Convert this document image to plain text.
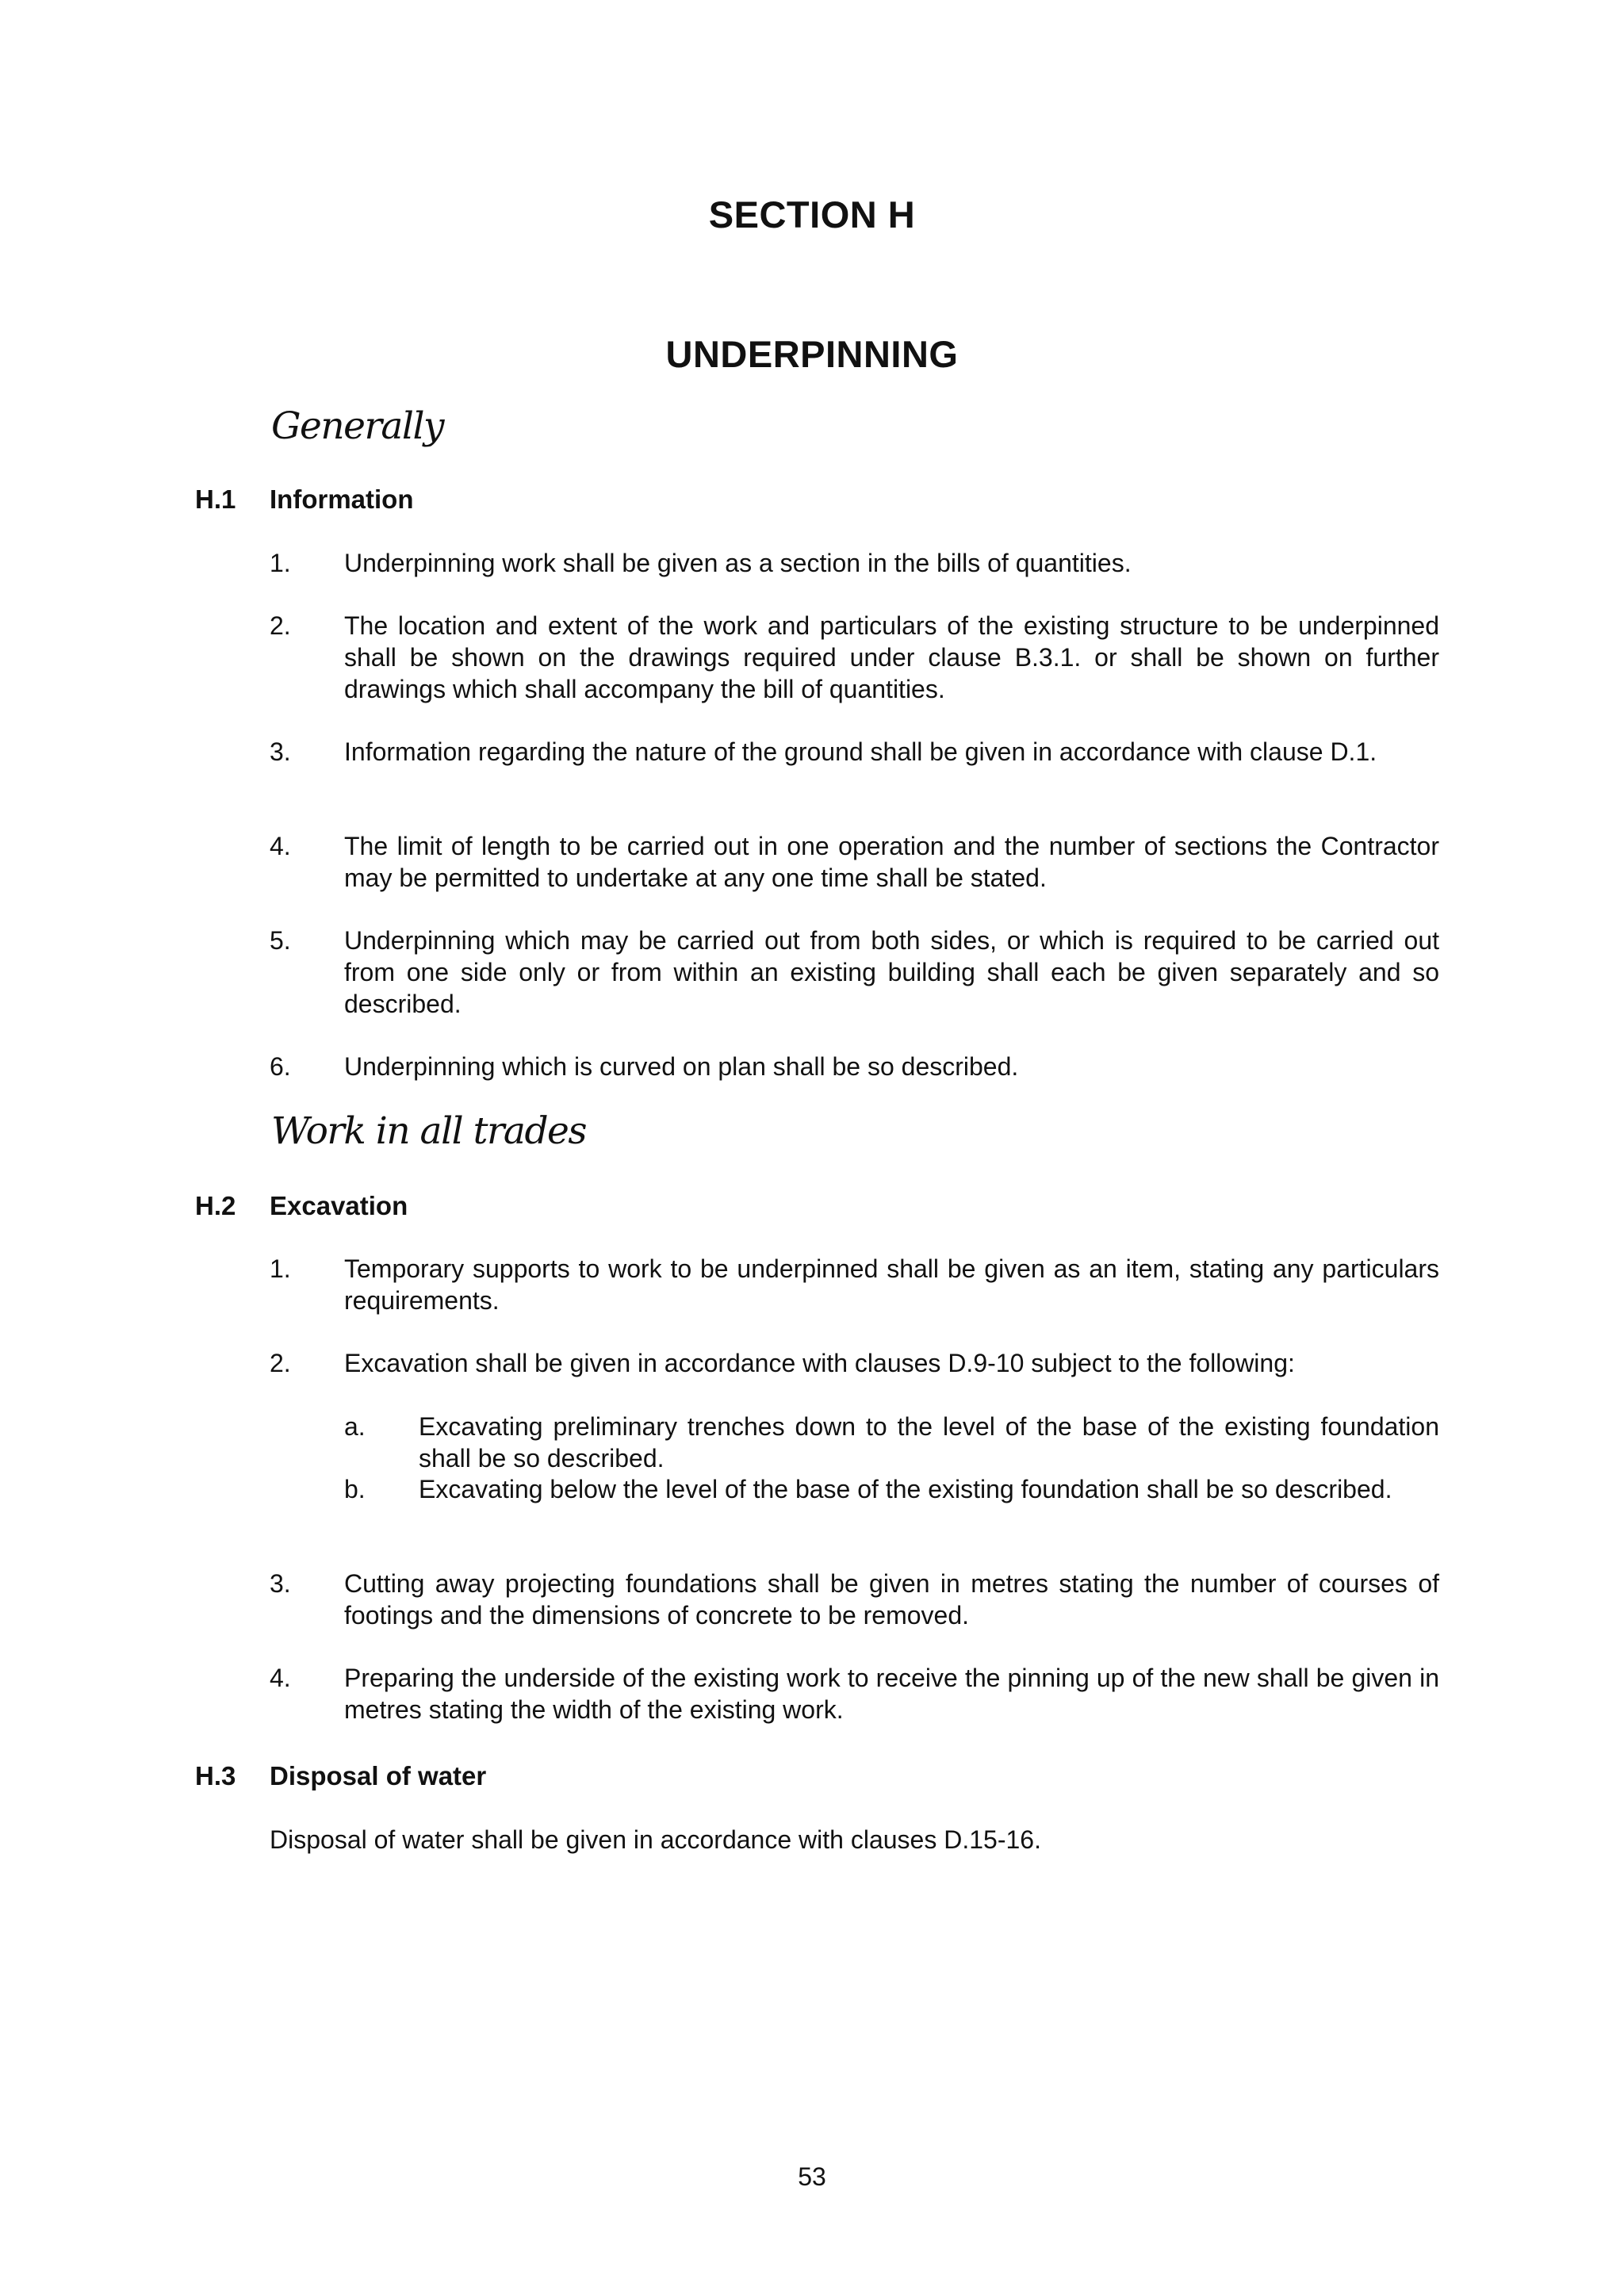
SECTION H
UNDERPINNING
Generally
H.1	Information
1.	Underpinning work shall be given as a section in the bills of quantities.
2.	The location and extent of the work and particulars of the existing structure to be underpinned shall be shown on the drawings required under clause B.3.1. or shall be shown on further drawings which shall accompany the bill of quantities.
3.	Information regarding the nature of the ground shall be given in accordance with clause D.1.
4.	The limit of length to be carried out in one operation and the number of sections the Contractor may be permitted to undertake at any one time shall be stated.
5.	Underpinning which may be carried out from both sides, or which is required to be carried out from one side only or from within an existing building shall each be given separately and so described.
6.	Underpinning which is curved on plan shall be so described.
Work in all trades
H.2	Excavation
1.	Temporary supports to work to be underpinned shall be given as an item, stating any particulars requirements.
2.	Excavation shall be given in accordance with clauses D.9-10 subject to the following:
a.	Excavating preliminary trenches down to the level of the base of the existing foundation shall be so described.
b.	Excavating below the level of the base of the existing foundation shall be so described.
3.	Cutting away projecting foundations shall be given in metres stating the number of courses of footings and the dimensions of concrete to be removed.
4.	Preparing the underside of the existing work to receive the pinning up of the new shall be given in metres stating the width of the existing work.
H.3	Disposal of water
Disposal of water shall be given in accordance with clauses D.15-16.
53
